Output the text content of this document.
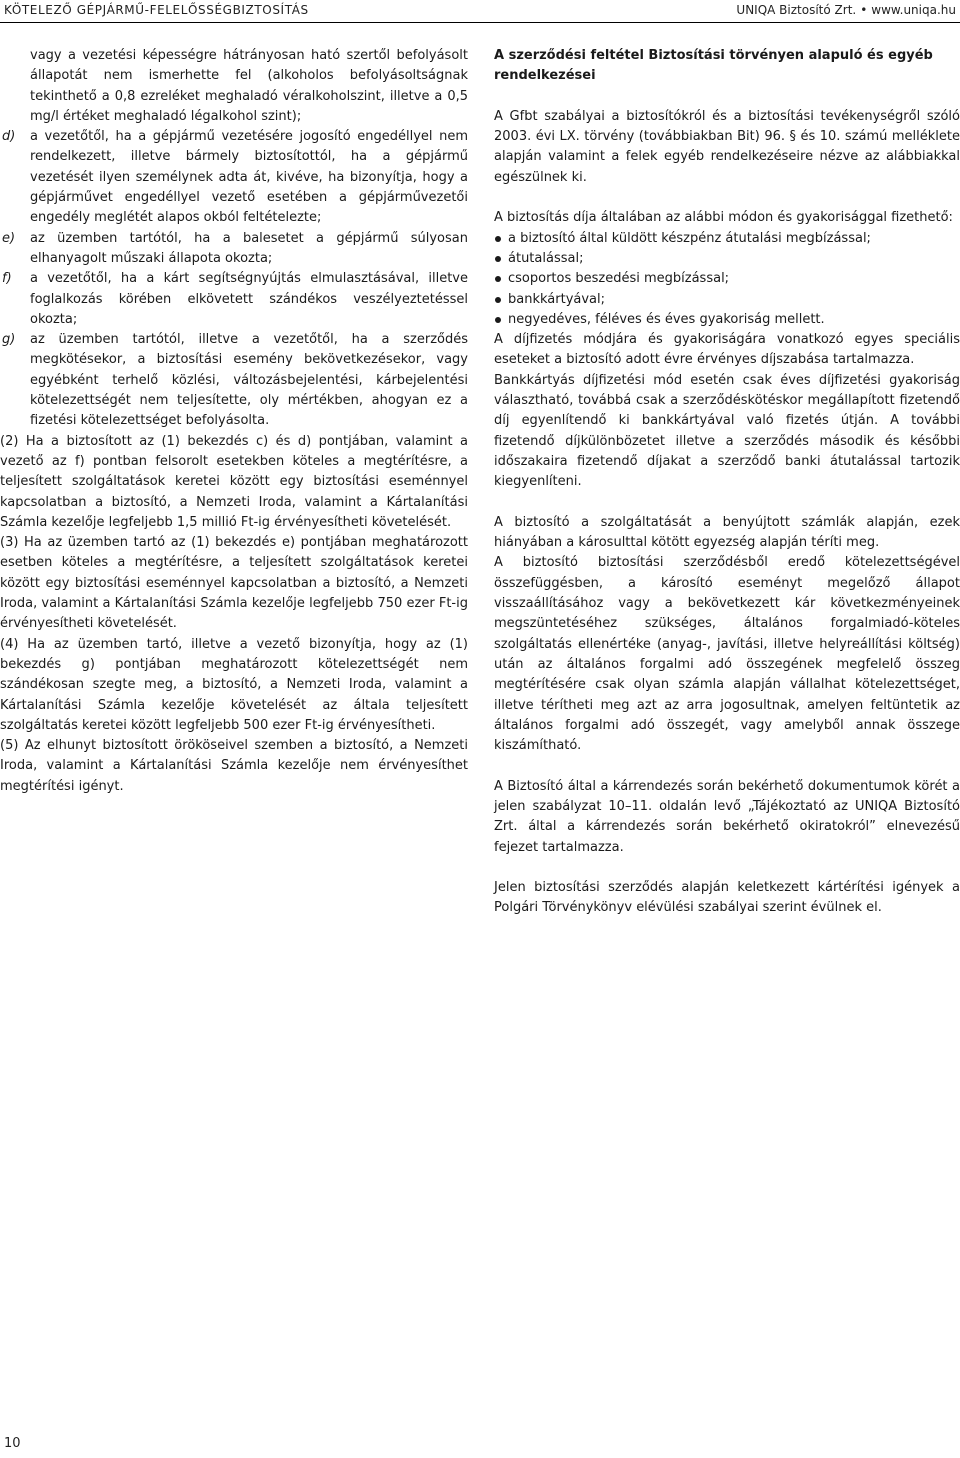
KÖTELEZŐ GÉPJÁRMŰ-FELELŐSSÉGBIZTOSÍTÁS	UNIQA Biztosító Zrt. • www.uniqa.hu

vagy a vezetési képességre hátrányosan ható szertől befolyásolt állapotát nem ismerhette fel (alkoholos befolyásoltságnak tekinthető a 0,8 ezreléket meghaladó véralkoholszint, illetve a 0,5 mg/l értéket meghaladó légalkohol szint);

d) a vezetőtől, ha a gépjármű vezetésére jogosító engedéllyel nem rendelkezett, illetve bármely biztosítottól, ha a gépjármű vezetését ilyen személynek adta át, kivéve, ha bizonyítja, hogy a gépjárművet engedéllyel vezető esetében a gépjárművezetői engedély meglétét alapos okból feltételezte;
e) az üzemben tartótól, ha a balesetet a gépjármű súlyosan elhanyagolt műszaki állapota okozta;
f) a vezetőtől, ha a kárt segítségnyújtás elmulasztásával, illetve foglalkozás körében elkövetett szándékos veszélyeztetéssel okozta;
g) az üzemben tartótól, illetve a vezetőtől, ha a szerződés megkötésekor, a biztosítási esemény bekövetkezésekor, vagy egyébként terhelő közlési, változásbejelentési, kárbejelentési kötelezettségét nem teljesítette, oly mértékben, ahogyan ez a fizetési kötelezettséget befolyásolta.

(2) Ha a biztosított az (1) bekezdés c) és d) pontjában, valamint a vezető az f) pontban felsorolt esetekben köteles a megtérítésre, a teljesített szolgáltatások keretei között egy biztosítási eseménnyel kapcsolatban a biztosító, a Nemzeti Iroda, valamint a Kártalanítási Számla kezelője legfeljebb 1,5 millió Ft-ig érvényesítheti követelését.

(3) Ha az üzemben tartó az (1) bekezdés e) pontjában meghatározott esetben köteles a megtérítésre, a teljesített szolgáltatások keretei között egy biztosítási eseménnyel kapcsolatban a biztosító, a Nemzeti Iroda, valamint a Kártalanítási Számla kezelője legfeljebb 750 ezer Ft-ig érvényesítheti követelését.

(4) Ha az üzemben tartó, illetve a vezető bizonyítja, hogy az (1) bekezdés g) pontjában meghatározott kötelezettségét nem szándékosan szegte meg, a biztosító, a Nemzeti Iroda, valamint a Kártalanítási Számla kezelője követelését az általa teljesített szolgáltatás keretei között legfeljebb 500 ezer Ft-ig érvényesítheti.

(5) Az elhunyt biztosított örököseivel szemben a biztosító, a Nemzeti Iroda, valamint a Kártalanítási Számla kezelője nem érvényesíthet megtérítési igényt.

A szerződési feltétel Biztosítási törvényen alapuló és egyéb rendelkezései

A Gfbt szabályai a biztosítókról és a biztosítási tevékenységről szóló 2003. évi LX. törvény (továbbiakban Bit) 96. § és 10. számú melléklete alapján valamint a felek egyéb rendelkezéseire nézve az alábbiakkal egészülnek ki.

A biztosítás díja általában az alábbi módon és gyakorisággal fizethető:

a biztosító által küldött készpénz átutalási megbízással;
átutalással;
csoportos beszedési megbízással;
bankkártyával;
negyedéves, féléves és éves gyakoriság mellett.

A díjfizetés módjára és gyakoriságára vonatkozó egyes speciális eseteket a biztosító adott évre érvényes díjszabása tartalmazza.

Bankkártyás díjfizetési mód esetén csak éves díjfizetési gyakoriság választható, továbbá csak a szerződéskötéskor megállapított fizetendő díj egyenlítendő ki bankkártyával való fizetés útján. A további fizetendő díjkülönbözetet illetve a szerződés második és későbbi időszakaira fizetendő díjakat a szerződő banki átutalással tartozik kiegyenlíteni.

A biztosító a szolgáltatását a benyújtott számlák alapján, ezek hiányában a károsulttal kötött egyezség alapján téríti meg.

A biztosító biztosítási szerződésből eredő kötelezettségével összefüggésben, a károsító eseményt megelőző állapot visszaállításához vagy a bekövetkezett kár következményeinek megszüntetéséhez szükséges, általános forgalmiadó-köteles szolgáltatás ellenértéke (anyag-, javítási, illetve helyreállítási költség) után az általános forgalmi adó összegének megfelelő összeg megtérítésére csak olyan számla alapján vállalhat kötelezettséget, illetve térítheti meg azt az arra jogosultnak, amelyen feltüntetik az általános forgalmi adó összegét, vagy amelyből annak összege kiszámítható.

A Biztosító által a kárrendezés során bekérhető dokumentumok körét a jelen szabályzat 10–11. oldalán levő „Tájékoztató az UNIQA Biztosító Zrt. által a kárrendezés során bekérhető okiratokról” elnevezésű fejezet tartalmazza.

Jelen biztosítási szerződés alapján keletkezett kártérítési igények a Polgári Törvénykönyv elévülési szabályai szerint évülnek el.

10
